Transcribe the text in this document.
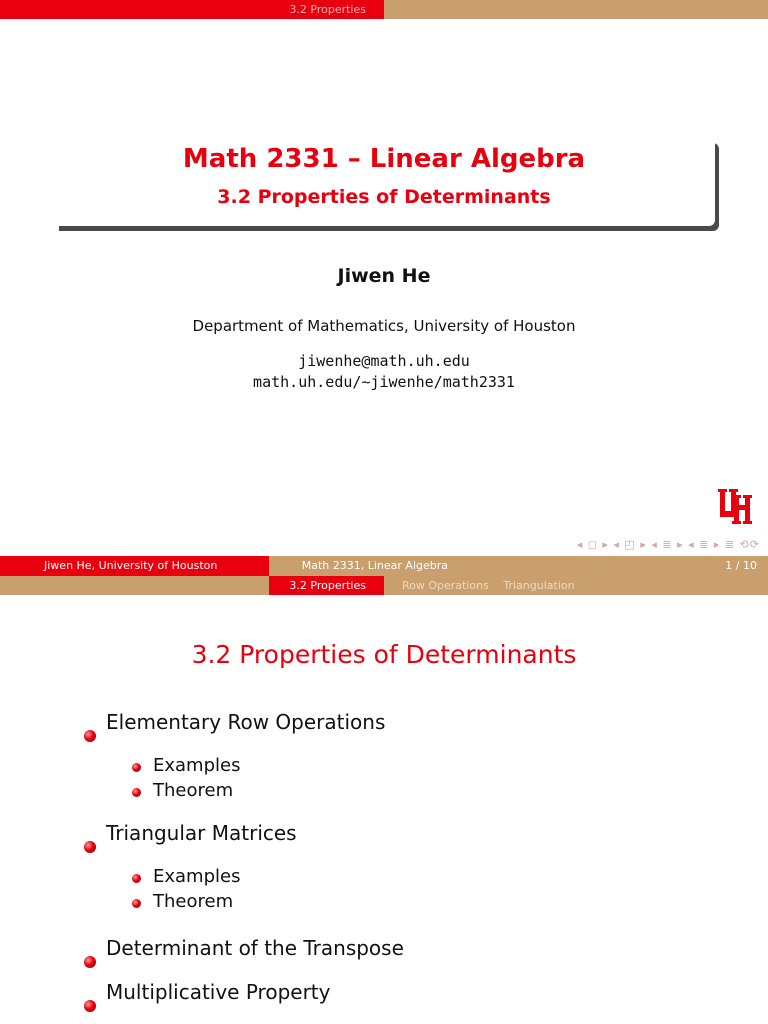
3.2 Properties
Math 2331 – Linear Algebra
3.2 Properties of Determinants
Jiwen He
Department of Mathematics, University of Houston
jiwenhe@math.uh.edu
math.uh.edu/∼jiwenhe/math2331
◂ ◻ ▸ ◂ ◰ ▸ ◂ ≣ ▸ ◂ ≣ ▸ ≣ ⟲⟳
Jiwen He, University of Houston	Math 2331, Linear Algebra	1 / 10
3.2 Properties	Row Operations Triangulation
3.2 Properties of Determinants
Elementary Row Operations
Examples
Theorem
Triangular Matrices
Examples
Theorem
Determinant of the Transpose
Multiplicative Property
